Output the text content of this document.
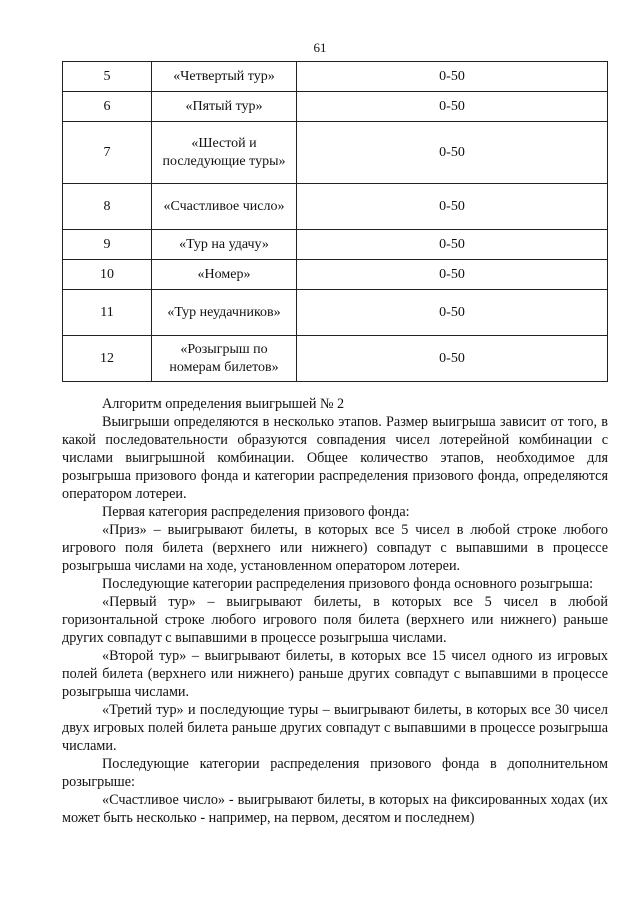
61
5	«Четвертый тур»	0-50
6	«Пятый тур»	0-50
7	«Шестой и последующие туры»	0-50
8	«Счастливое число»	0-50
9	«Тур на удачу»	0-50
10	«Номер»	0-50
11	«Тур неудачников»	0-50
12	«Розыгрыш по номерам билетов»	0-50

Алгоритм определения выигрышей № 2

Выигрыши определяются в несколько этапов. Размер выигрыша зависит от того, в какой последовательности образуются совпадения чисел лотерейной комбинации с числами выигрышной комбинации. Общее количество этапов, необходимое для розыгрыша призового фонда и категории распределения призового фонда, определяются оператором лотереи.

Первая категория распределения призового фонда:

«Приз» – выигрывают билеты, в которых все 5 чисел в любой строке любого игрового поля билета (верхнего или нижнего) совпадут с выпавшими в процессе розыгрыша числами на ходе, установленном оператором лотереи.

Последующие категории распределения призового фонда основного розыгрыша:

«Первый тур» – выигрывают билеты, в которых все 5 чисел в любой горизонтальной строке любого игрового поля билета (верхнего или нижнего) раньше других совпадут с выпавшими в процессе розыгрыша числами.

«Второй тур» – выигрывают билеты, в которых все 15 чисел одного из игровых полей билета (верхнего или нижнего) раньше других совпадут с выпавшими в процессе розыгрыша числами.

«Третий тур» и последующие туры – выигрывают билеты, в которых все 30 чисел двух игровых полей билета раньше других совпадут с выпавшими в процессе розыгрыша числами.

Последующие категории распределения призового фонда в дополнительном розыгрыше:

«Счастливое число» - выигрывают билеты, в которых на фиксированных ходах (их может быть несколько - например, на первом, десятом и последнем)
